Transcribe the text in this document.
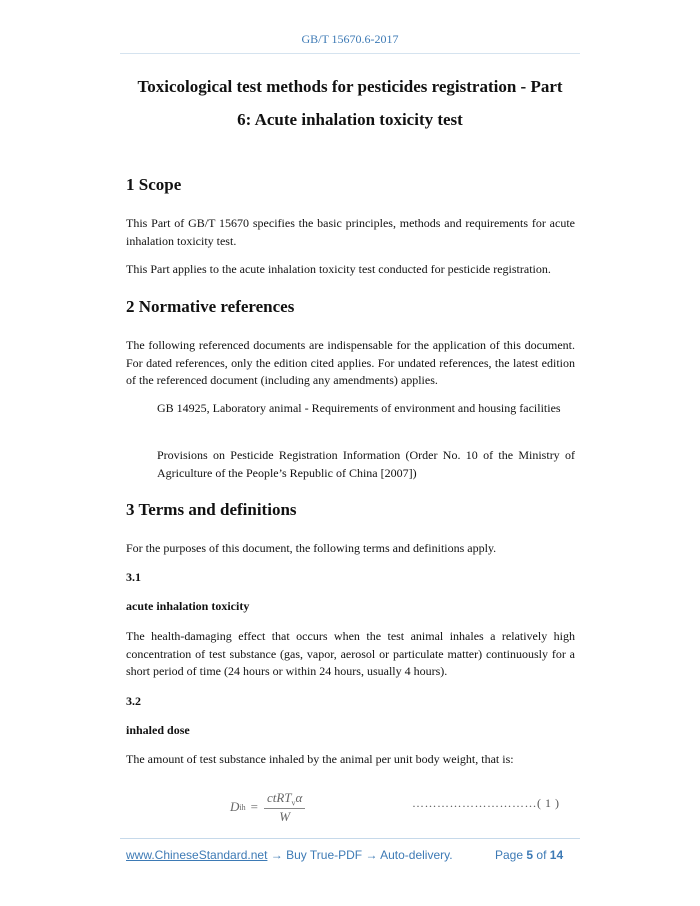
GB/T 15670.6-2017
Toxicological test methods for pesticides registration - Part
6: Acute inhalation toxicity test
1 Scope
This Part of GB/T 15670 specifies the basic principles, methods and requirements for acute inhalation toxicity test.
This Part applies to the acute inhalation toxicity test conducted for pesticide registration.
2 Normative references
The following referenced documents are indispensable for the application of this document. For dated references, only the edition cited applies. For undated references, the latest edition of the referenced document (including any amendments) applies.
GB 14925, Laboratory animal - Requirements of environment and housing facilities
Provisions on Pesticide Registration Information (Order No. 10 of the Ministry of Agriculture of the People’s Republic of China [2007])
3 Terms and definitions
For the purposes of this document, the following terms and definitions apply.
3.1
acute inhalation toxicity
The health-damaging effect that occurs when the test animal inhales a relatively high concentration of test substance (gas, vapor, aerosol or particulate matter) continuously for a short period of time (24 hours or within 24 hours, usually 4 hours).
3.2
inhaled dose
The amount of test substance inhaled by the animal per unit body weight, that is:
D ih = $\frac{ctRT_v\alpha}{W}$	…………………………( 1 )
www.ChineseStandard.net → Buy True-PDF → Auto-delivery.	Page 5 of 14
